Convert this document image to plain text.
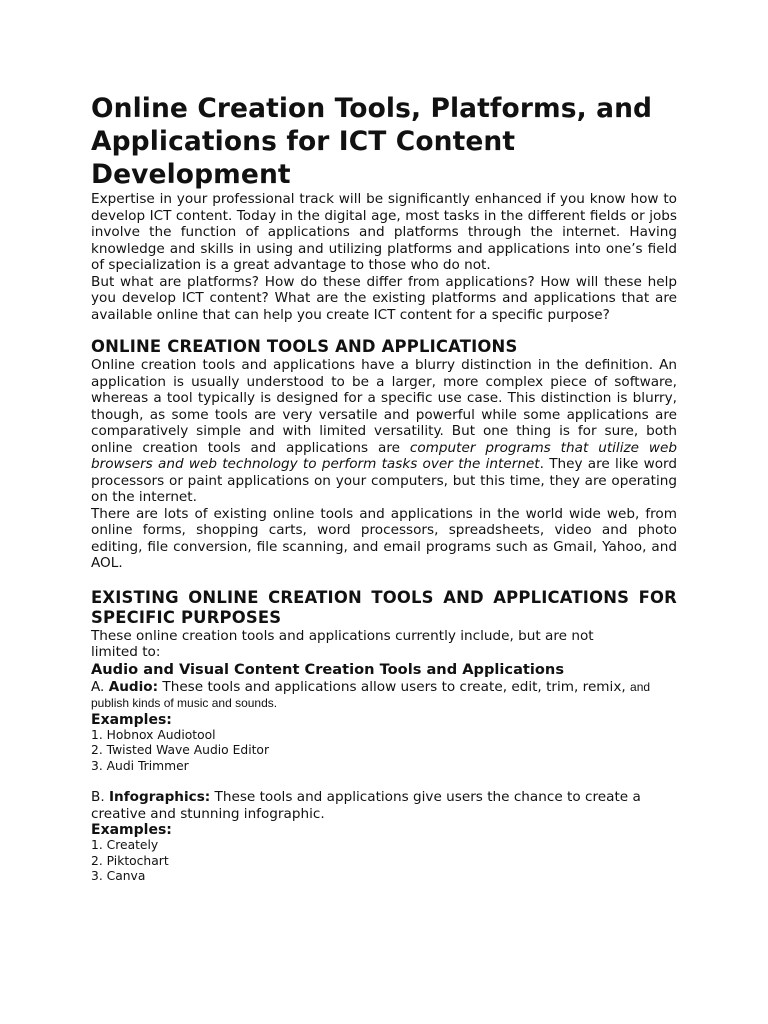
Online Creation Tools, Platforms, and Applications for ICT Content Development

Expertise in your professional track will be significantly enhanced if you know how to develop ICT content. Today in the digital age, most tasks in the different fields or jobs involve the function of applications and platforms through the internet. Having knowledge and skills in using and utilizing platforms and applications into one’s field of specialization is a great advantage to those who do not.

But what are platforms? How do these differ from applications? How will these help you develop ICT content? What are the existing platforms and applications that are available online that can help you create ICT content for a specific purpose?

ONLINE CREATION TOOLS AND APPLICATIONS

Online creation tools and applications have a blurry distinction in the definition. An application is usually understood to be a larger, more complex piece of software, whereas a tool typically is designed for a specific use case. This distinction is blurry, though, as some tools are very versatile and powerful while some applications are comparatively simple and with limited versatility. But one thing is for sure, both online creation tools and applications are computer programs that utilize web browsers and web technology to perform tasks over the internet. They are like word processors or paint applications on your computers, but this time, they are operating on the internet.

There are lots of existing online tools and applications in the world wide web, from online forms, shopping carts, word processors, spreadsheets, video and photo editing, file conversion, file scanning, and email programs such as Gmail, Yahoo, and AOL.

EXISTING ONLINE CREATION TOOLS AND APPLICATIONS FOR SPECIFIC PURPOSES

These online creation tools and applications currently include, but are not

limited to:

Audio and Visual Content Creation Tools and Applications

A. Audio: These tools and applications allow users to create, edit, trim, remix, and publish kinds of music and sounds.

Examples:

1. Hobnox Audiotool
2. Twisted Wave Audio Editor
3. Audi Trimmer

B. Infographics: These tools and applications give users the chance to create a creative and stunning infographic.

Examples:

1. Creately
2. Piktochart
3. Canva
